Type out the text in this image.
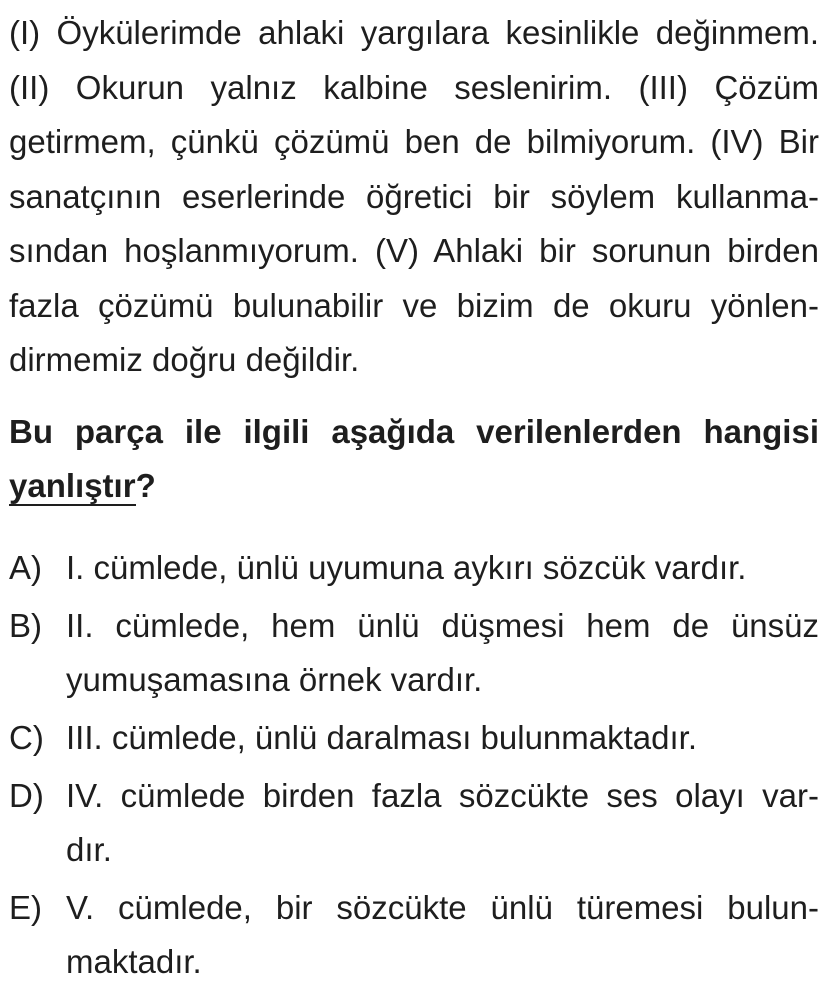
(I) Öykülerimde ahlaki yargılara kesinlikle değinmem.
(II) Okurun yalnız kalbine seslenirim. (III) Çözüm
getirmem, çünkü çözümü ben de bilmiyorum. (IV) Bir
sanatçının eserlerinde öğretici bir söylem kullanma-
sından hoşlanmıyorum. (V) Ahlaki bir sorunun birden
fazla çözümü bulunabilir ve bizim de okuru yönlen-
dirmemiz doğru değildir.
Bu parça ile ilgili aşağıda verilenlerden hangisi
yanlıştır?
A) I. cümlede, ünlü uyumuna aykırı sözcük vardır.
B) II. cümlede, hem ünlü düşmesi hem de ünsüz
yumuşamasına örnek vardır.
C) III. cümlede, ünlü daralması bulunmaktadır.
D) IV. cümlede birden fazla sözcükte ses olayı var-
dır.
E) V. cümlede, bir sözcükte ünlü türemesi bulun-
maktadır.
